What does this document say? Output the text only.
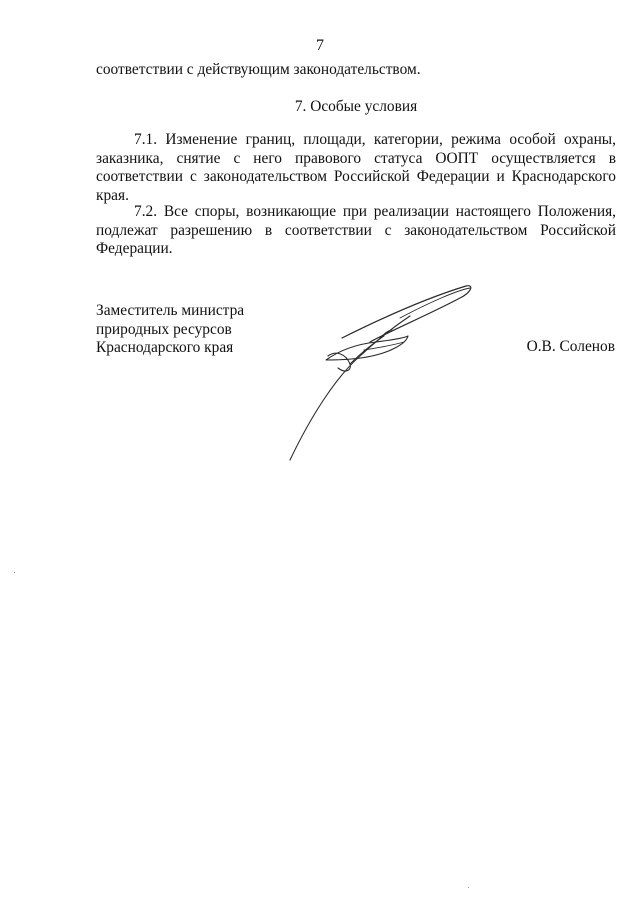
7
соответствии с действующим законодательством.
7. Особые условия

7.1. Изменение границ, площади, категории, режима особой охраны, заказника, снятие с него правового статуса ООПТ осуществляется в соответствии с законодательством Российской Федерации и Краснодарского края.

7.2. Все споры, возникающие при реализации настоящего Положения, подлежат разрешению в соответствии с законодательством Российской Федерации.

Заместитель министра
природных ресурсов
Краснодарского края	О.В. Соленов
